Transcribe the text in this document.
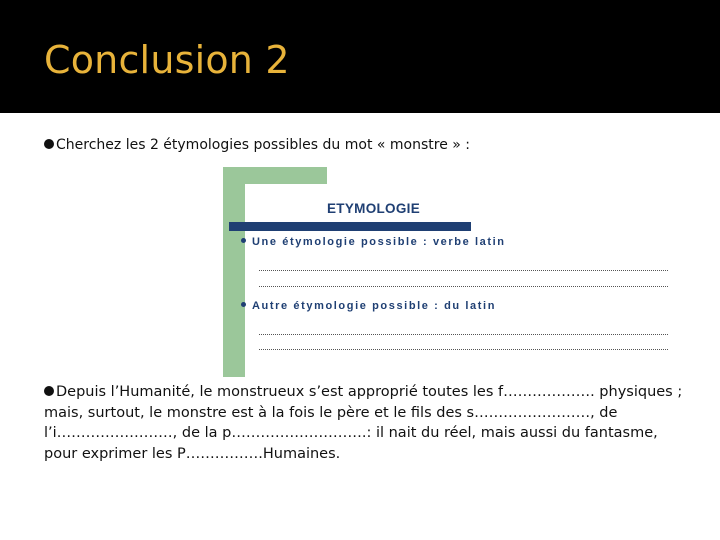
Conclusion 2
Cherchez les 2 étymologies possibles du mot « monstre » :
ETYMOLOGIE
Une étymologie possible : verbe latin
Autre étymologie possible : du latin
Depuis l’Humanité, le monstrueux s’est approprié toutes les f………………. physiques ; mais, surtout, le monstre est à la fois le père et le fils des s……………………, de l’i……………………, de la p……………………….: il nait du réel, mais aussi du fantasme, pour exprimer les P…………….Humaines.
